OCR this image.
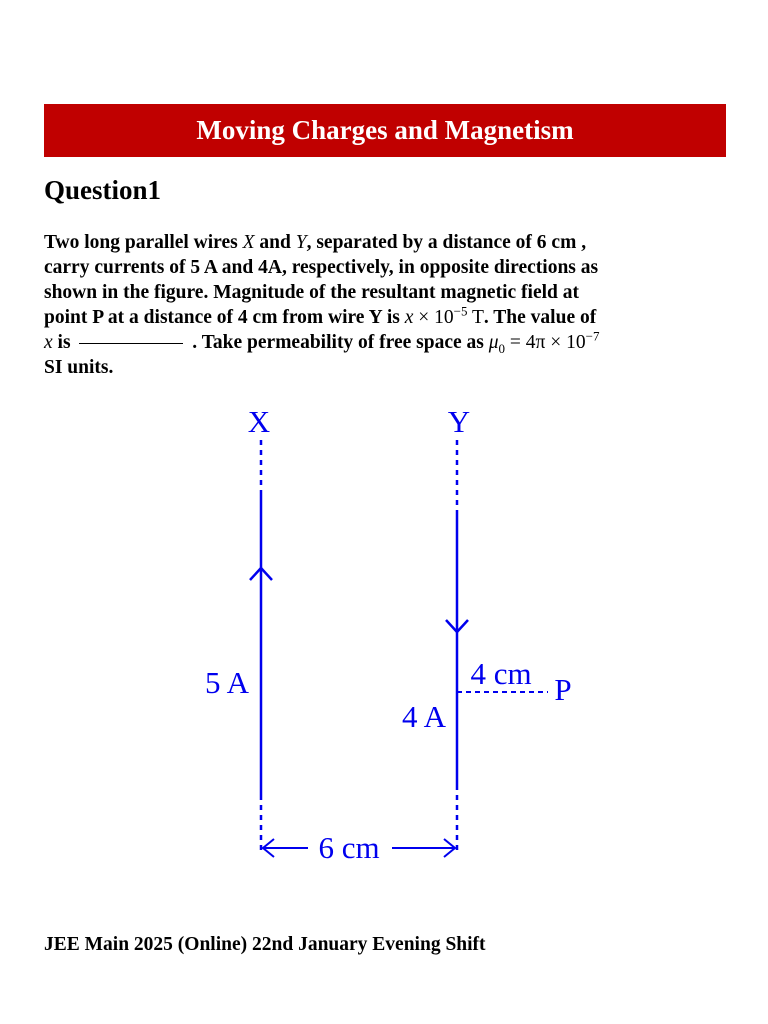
Moving Charges and Magnetism
Question1
Two long parallel wires X and Y, separated by a distance of 6 cm ,
carry currents of 5 A and 4A, respectively, in opposite directions as
shown in the figure. Magnitude of the resultant magnetic field at
point P at a distance of 4 cm from wire Y is $x \times 10^{-5}$ T. The value of
x is	. Take permeability of free space as $\mu_0 = 4\pi \times 10^{-7}$
SI units.
X	Y
5 A
4 A
4 cm P
6 cm
JEE Main 2025 (Online) 22nd January Evening Shift
